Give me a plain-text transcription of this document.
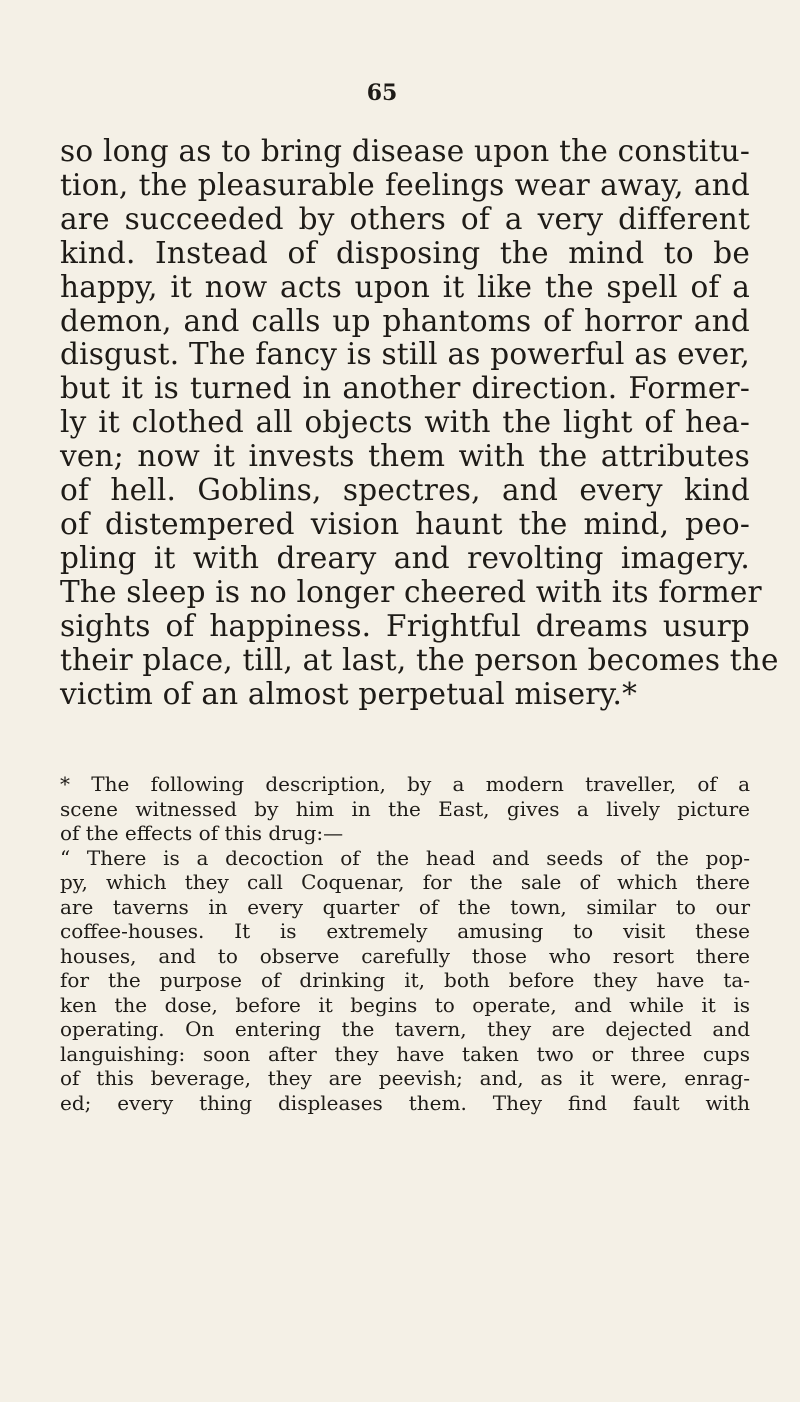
65
so long as to bring disease upon the constitu-
tion, the pleasurable feelings wear away, and
are succeeded by others of a very different
kind. Instead of disposing the mind to be
happy, it now acts upon it like the spell of a
demon, and calls up phantoms of horror and
disgust. The fancy is still as powerful as ever,
but it is turned in another direction. Former-
ly it clothed all objects with the light of hea-
ven; now it invests them with the attributes
of hell. Goblins, spectres, and every kind
of distempered vision haunt the mind, peo-
pling it with dreary and revolting imagery.
The sleep is no longer cheered with its former
sights of happiness. Frightful dreams usurp
their place, till, at last, the person becomes the
victim of an almost perpetual misery.*
* The following description, by a modern traveller, of a
scene witnessed by him in the East, gives a lively picture
of the effects of this drug:—
“ There is a decoction of the head and seeds of the pop-
py, which they call Coquenar, for the sale of which there
are taverns in every quarter of the town, similar to our
coffee-houses. It is extremely amusing to visit these
houses, and to observe carefully those who resort there
for the purpose of drinking it, both before they have ta-
ken the dose, before it begins to operate, and while it is
operating. On entering the tavern, they are dejected and
languishing: soon after they have taken two or three cups
of this beverage, they are peevish; and, as it were, enrag-
ed; every thing displeases them. They find fault with
